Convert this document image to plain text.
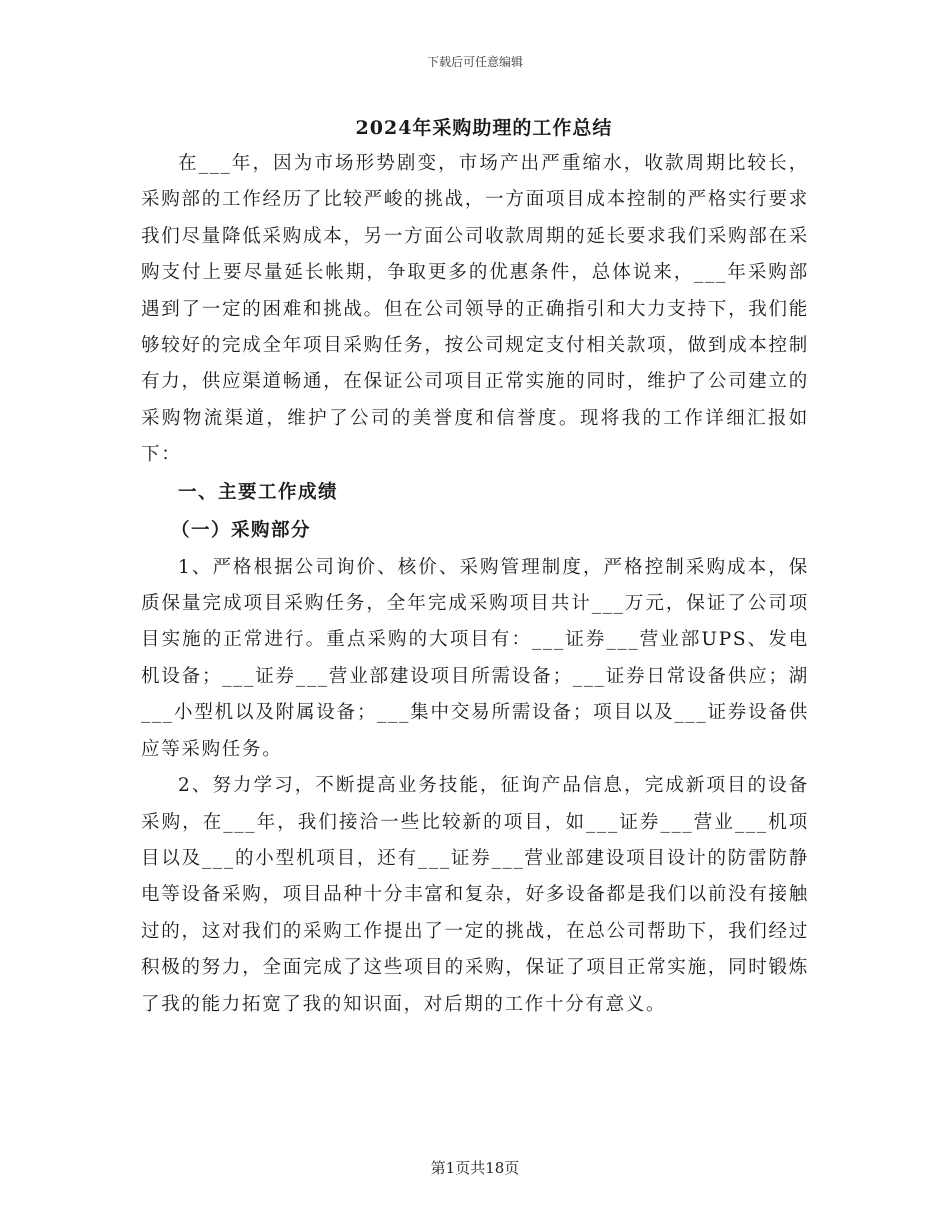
下载后可任意编辑
2024年采购助理的工作总结

在___年，因为市场形势剧变，市场产出严重缩水，收款周期比较长，采购部的工作经历了比较严峻的挑战，一方面项目成本控制的严格实行要求我们尽量降低采购成本，另一方面公司收款周期的延长要求我们采购部在采购支付上要尽量延长帐期，争取更多的优惠条件，总体说来，___年采购部遇到了一定的困难和挑战。但在公司领导的正确指引和大力支持下，我们能够较好的完成全年项目采购任务，按公司规定支付相关款项，做到成本控制有力，供应渠道畅通，在保证公司项目正常实施的同时，维护了公司建立的采购物流渠道，维护了公司的美誉度和信誉度。现将我的工作详细汇报如下：

一、主要工作成绩

（一）采购部分

1、严格根据公司询价、核价、采购管理制度，严格控制采购成本，保质保量完成项目采购任务，全年完成采购项目共计___万元，保证了公司项目实施的正常进行。重点采购的大项目有：___证券___营业部UPS、发电机设备；___证券___营业部建设项目所需设备；___证券日常设备供应；湖___小型机以及附属设备；___集中交易所需设备；项目以及___证券设备供应等采购任务。

2、努力学习，不断提高业务技能，征询产品信息，完成新项目的设备采购，在___年，我们接洽一些比较新的项目，如___证券___营业___机项目以及___的小型机项目，还有___证券___营业部建设项目设计的防雷防静电等设备采购，项目品种十分丰富和复杂，好多设备都是我们以前没有接触过的，这对我们的采购工作提出了一定的挑战，在总公司帮助下，我们经过积极的努力，全面完成了这些项目的采购，保证了项目正常实施，同时锻炼了我的能力拓宽了我的知识面，对后期的工作十分有意义。

第1页共18页
